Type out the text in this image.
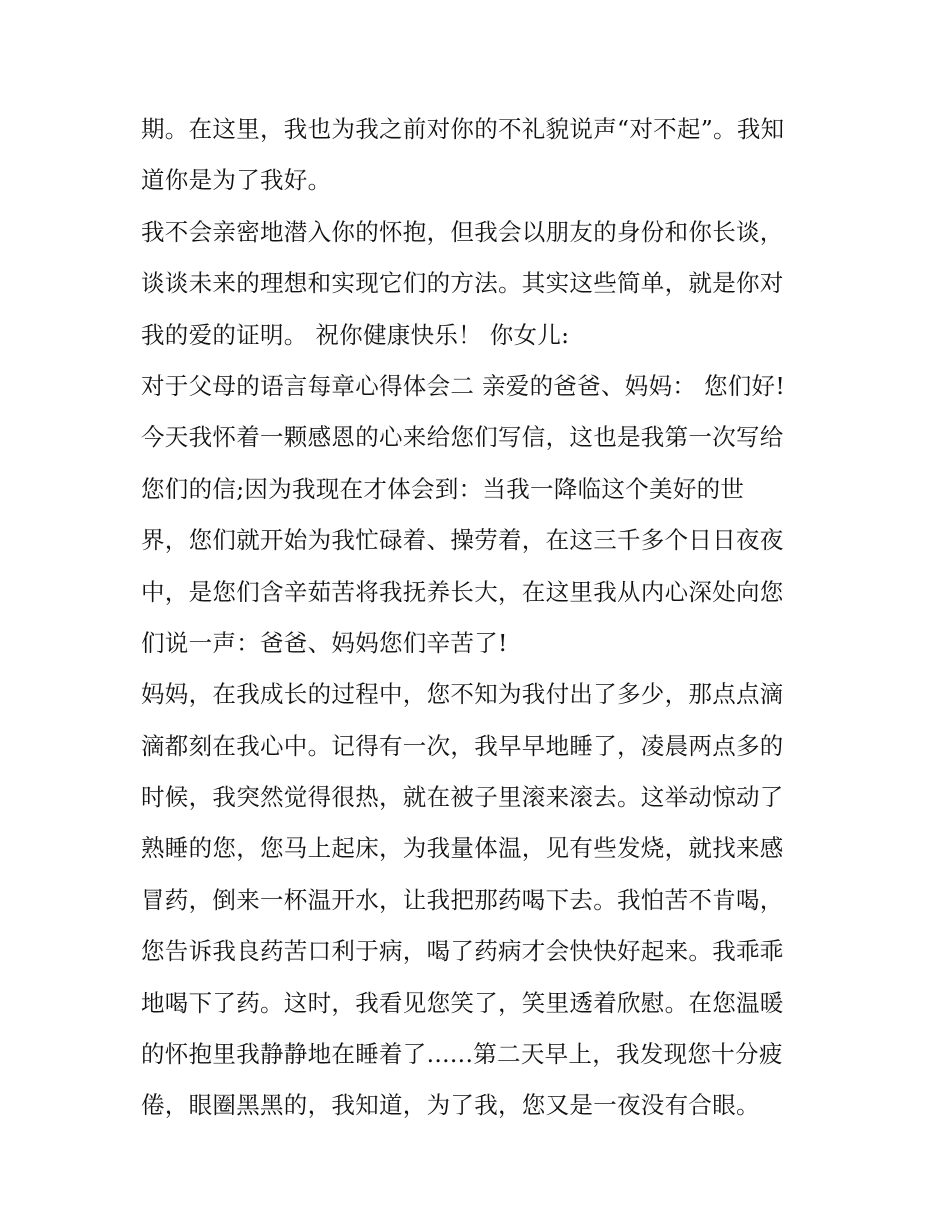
期。在这里，我也为我之前对你的不礼貌说声“对不起”。我知
道你是为了我好。
我不会亲密地潜入你的怀抱，但我会以朋友的身份和你长谈，
谈谈未来的理想和实现它们的方法。其实这些简单，就是你对
我的爱的证明。 祝你健康快乐！ 你女儿:
对于父母的语言每章心得体会二 亲爱的爸爸、妈妈： 您们好!
今天我怀着一颗感恩的心来给您们写信，这也是我第一次写给
您们的信;因为我现在才体会到：当我一降临这个美好的世
界，您们就开始为我忙碌着、操劳着，在这三千多个日日夜夜
中，是您们含辛茹苦将我抚养长大，在这里我从内心深处向您
们说一声：爸爸、妈妈您们辛苦了!
妈妈，在我成长的过程中，您不知为我付出了多少，那点点滴
滴都刻在我心中。记得有一次，我早早地睡了，凌晨两点多的
时候，我突然觉得很热，就在被子里滚来滚去。这举动惊动了
熟睡的您，您马上起床，为我量体温，见有些发烧，就找来感
冒药，倒来一杯温开水，让我把那药喝下去。我怕苦不肯喝，
您告诉我良药苦口利于病，喝了药病才会快快好起来。我乖乖
地喝下了药。这时，我看见您笑了，笑里透着欣慰。在您温暖
的怀抱里我静静地在睡着了......第二天早上，我发现您十分疲
倦，眼圈黑黑的，我知道，为了我，您又是一夜没有合眼。
